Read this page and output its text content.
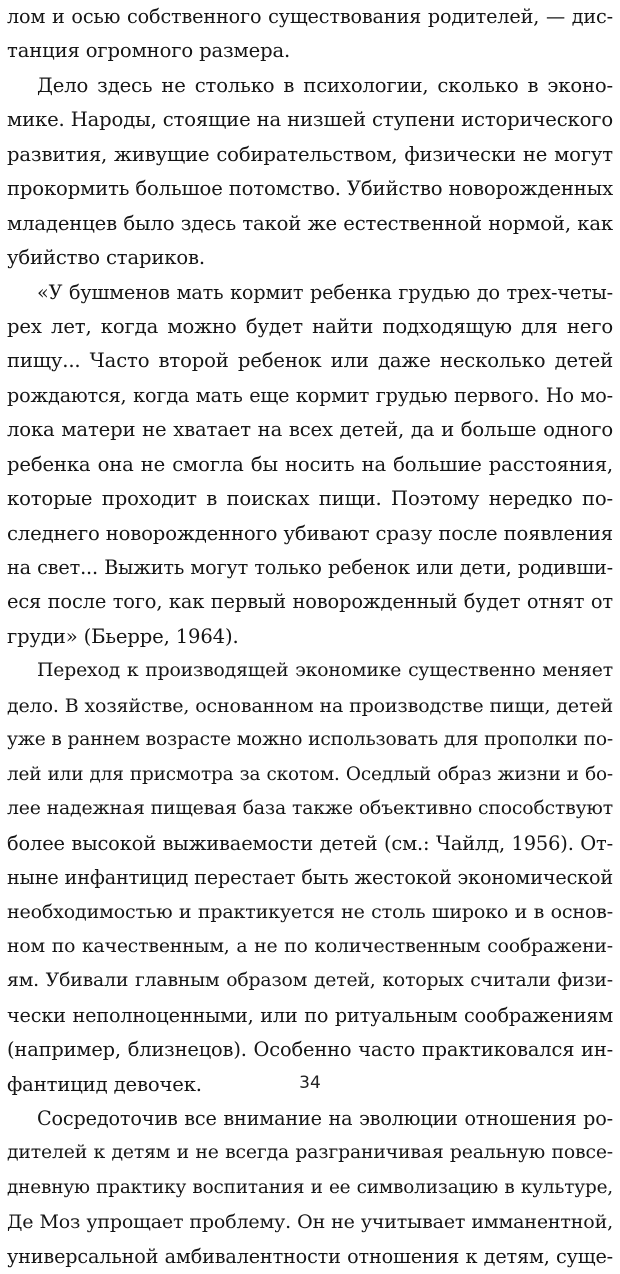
лом и осью собственного существования родителей, — дис-
танция огромного размера.

Дело здесь не столько в психологии, сколько в эконо-
мике. Народы, стоящие на низшей ступени исторического
развития, живущие собирательством, физически не могут
прокормить большое потомство. Убийство новорожденных
младенцев было здесь такой же естественной нормой, как
убийство стариков.

«У бушменов мать кормит ребенка грудью до трех-четы-
рех лет, когда можно будет найти подходящую для него
пищу... Часто второй ребенок или даже несколько детей
рождаются, когда мать еще кормит грудью первого. Но мо-
лока матери не хватает на всех детей, да и больше одного
ребенка она не смогла бы носить на большие расстояния,
которые проходит в поисках пищи. Поэтому нередко по-
следнего новорожденного убивают сразу после появления
на свет... Выжить могут только ребенок или дети, родивши-
еся после того, как первый новорожденный будет отнят от
груди» (Бьерре, 1964).

Переход к производящей экономике существенно меняет
дело. В хозяйстве, основанном на производстве пищи, детей
уже в раннем возрасте можно использовать для прополки по-
лей или для присмотра за скотом. Оседлый образ жизни и бо-
лее надежная пищевая база также объективно способствуют
более высокой выживаемости детей (см.: Чайлд, 1956). От-
ныне инфантицид перестает быть жестокой экономической
необходимостью и практикуется не столь широко и в основ-
ном по качественным, а не по количественным соображени-
ям. Убивали главным образом детей, которых считали физи-
чески неполноценными, или по ритуальным соображениям
(например, близнецов). Особенно часто практиковался ин-
фантицид девочек.

Сосредоточив все внимание на эволюции отношения ро-
дителей к детям и не всегда разграничивая реальную повсе-
дневную практику воспитания и ее символизацию в культуре,
Де Моз упрощает проблему. Он не учитывает имманентной,
универсальной амбивалентности отношения к детям, суще-

34
